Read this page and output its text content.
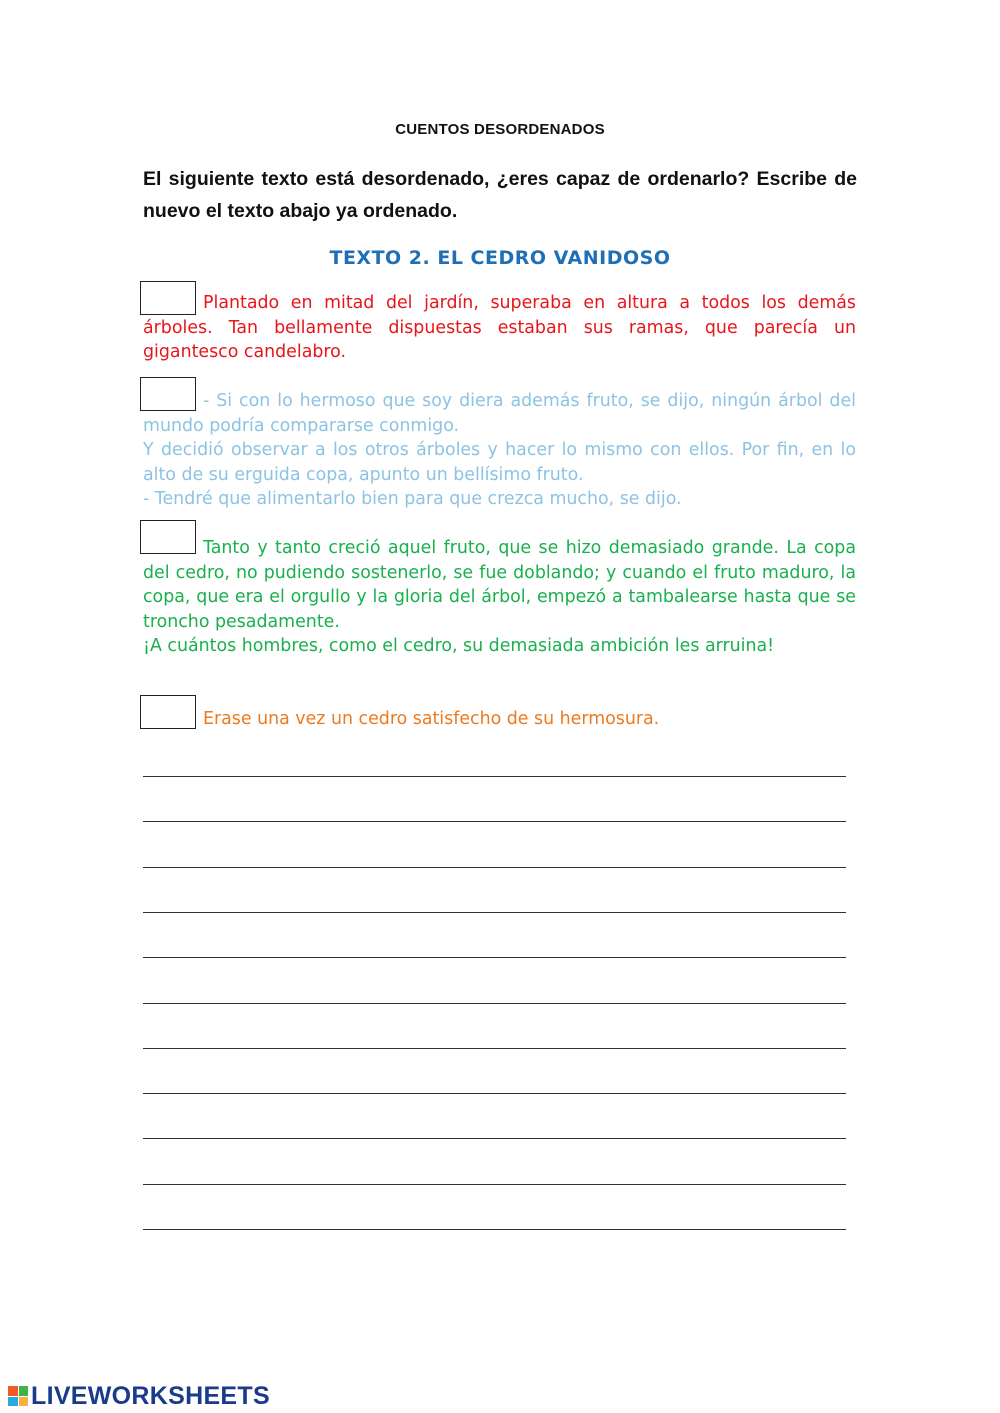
CUENTOS DESORDENADOS
El siguiente texto está desordenado, ¿eres capaz de ordenarlo? Escribe de nuevo el texto abajo ya ordenado.
TEXTO 2. EL CEDRO VANIDOSO
Plantado en mitad del jardín, superaba en altura a todos los demás árboles. Tan bellamente dispuestas estaban sus ramas, que parecía un gigantesco candelabro.
- Si con lo hermoso que soy diera además fruto, se dijo, ningún árbol del mundo podría compararse conmigo.
Y decidió observar a los otros árboles y hacer lo mismo con ellos. Por fin, en lo alto de su erguida copa, apunto un bellísimo fruto.
- Tendré que alimentarlo bien para que crezca mucho, se dijo.
Tanto y tanto creció aquel fruto, que se hizo demasiado grande. La copa del cedro, no pudiendo sostenerlo, se fue doblando; y cuando el fruto maduro, la copa, que era el orgullo y la gloria del árbol, empezó a tambalearse hasta que se troncho pesadamente.
¡A cuántos hombres, como el cedro, su demasiada ambición les arruina!
Erase una vez un cedro satisfecho de su hermosura.
LIVEWORKSHEETS
